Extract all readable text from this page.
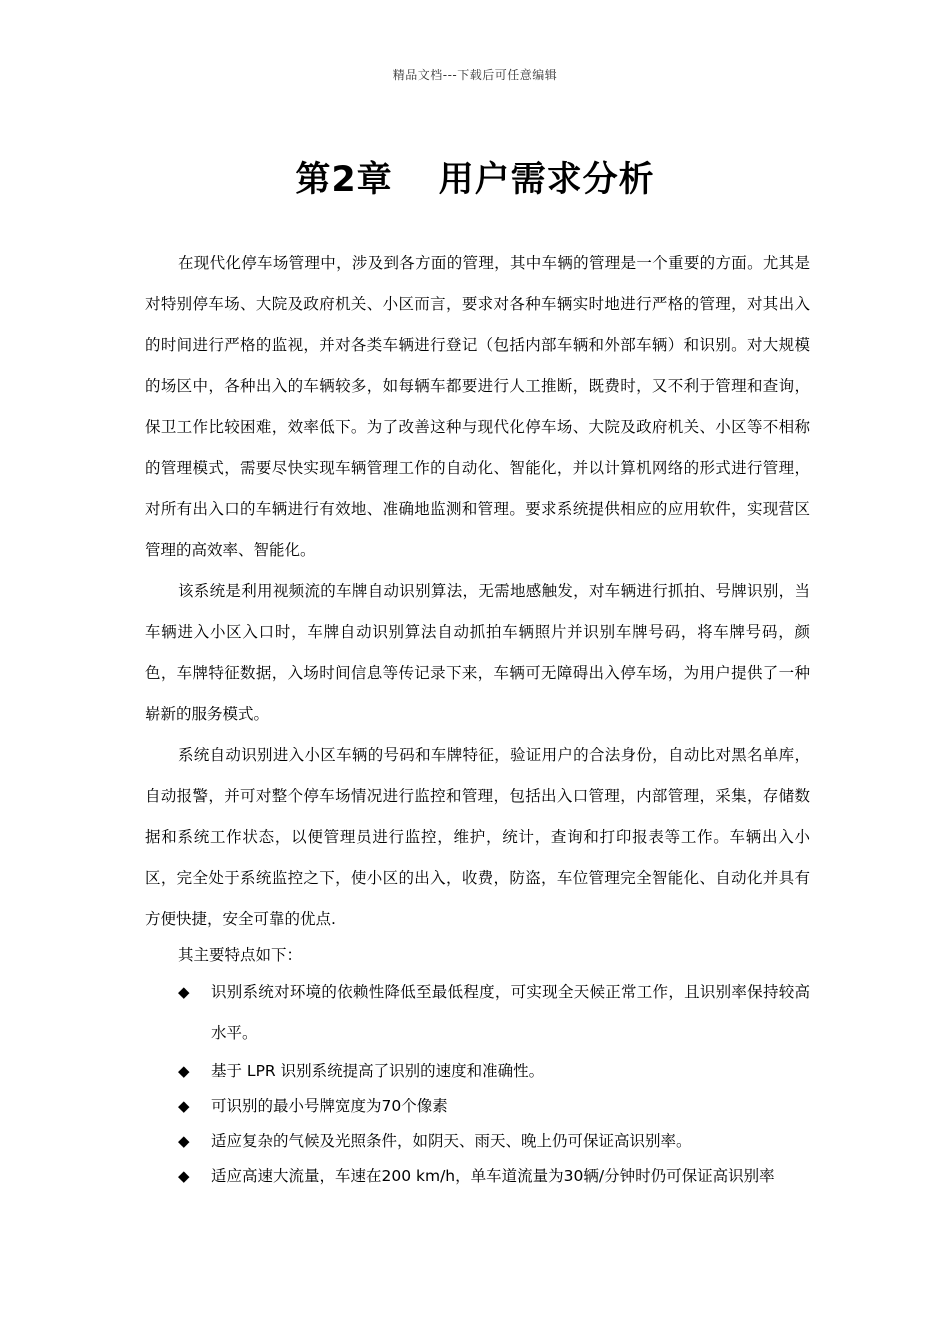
精品文档---下载后可任意编辑
第2章 用户需求分析

在现代化停车场管理中，涉及到各方面的管理，其中车辆的管理是一个重要的方面。尤其是对特别停车场、大院及政府机关、小区而言，要求对各种车辆实时地进行严格的管理，对其出入的时间进行严格的监视，并对各类车辆进行登记（包括内部车辆和外部车辆）和识别。对大规模的场区中，各种出入的车辆较多，如每辆车都要进行人工推断，既费时，又不利于管理和查询，保卫工作比较困难，效率低下。为了改善这种与现代化停车场、大院及政府机关、小区等不相称的管理模式，需要尽快实现车辆管理工作的自动化、智能化，并以计算机网络的形式进行管理，对所有出入口的车辆进行有效地、准确地监测和管理。要求系统提供相应的应用软件，实现营区管理的高效率、智能化。

该系统是利用视频流的车牌自动识别算法，无需地感触发，对车辆进行抓拍、号牌识别，当车辆进入小区入口时，车牌自动识别算法自动抓拍车辆照片并识别车牌号码，将车牌号码，颜色，车牌特征数据，入场时间信息等传记录下来，车辆可无障碍出入停车场，为用户提供了一种崭新的服务模式。

系统自动识别进入小区车辆的号码和车牌特征，验证用户的合法身份，自动比对黑名单库，自动报警，并可对整个停车场情况进行监控和管理，包括出入口管理，内部管理，采集，存储数据和系统工作状态，以便管理员进行监控，维护，统计，查询和打印报表等工作。车辆出入小区，完全处于系统监控之下，使小区的出入，收费，防盗，车位管理完全智能化、自动化并具有方便快捷，安全可靠的优点.

其主要特点如下：

◆ 识别系统对环境的依赖性降低至最低程度，可实现全天候正常工作，且识别率保持较高水平。
◆ 基于 LPR 识别系统提高了识别的速度和准确性。
◆ 可识别的最小号牌宽度为70个像素
◆ 适应复杂的气候及光照条件，如阴天、雨天、晚上仍可保证高识别率。
◆ 适应高速大流量，车速在200 km/h，单车道流量为30辆/分钟时仍可保证高识别率
